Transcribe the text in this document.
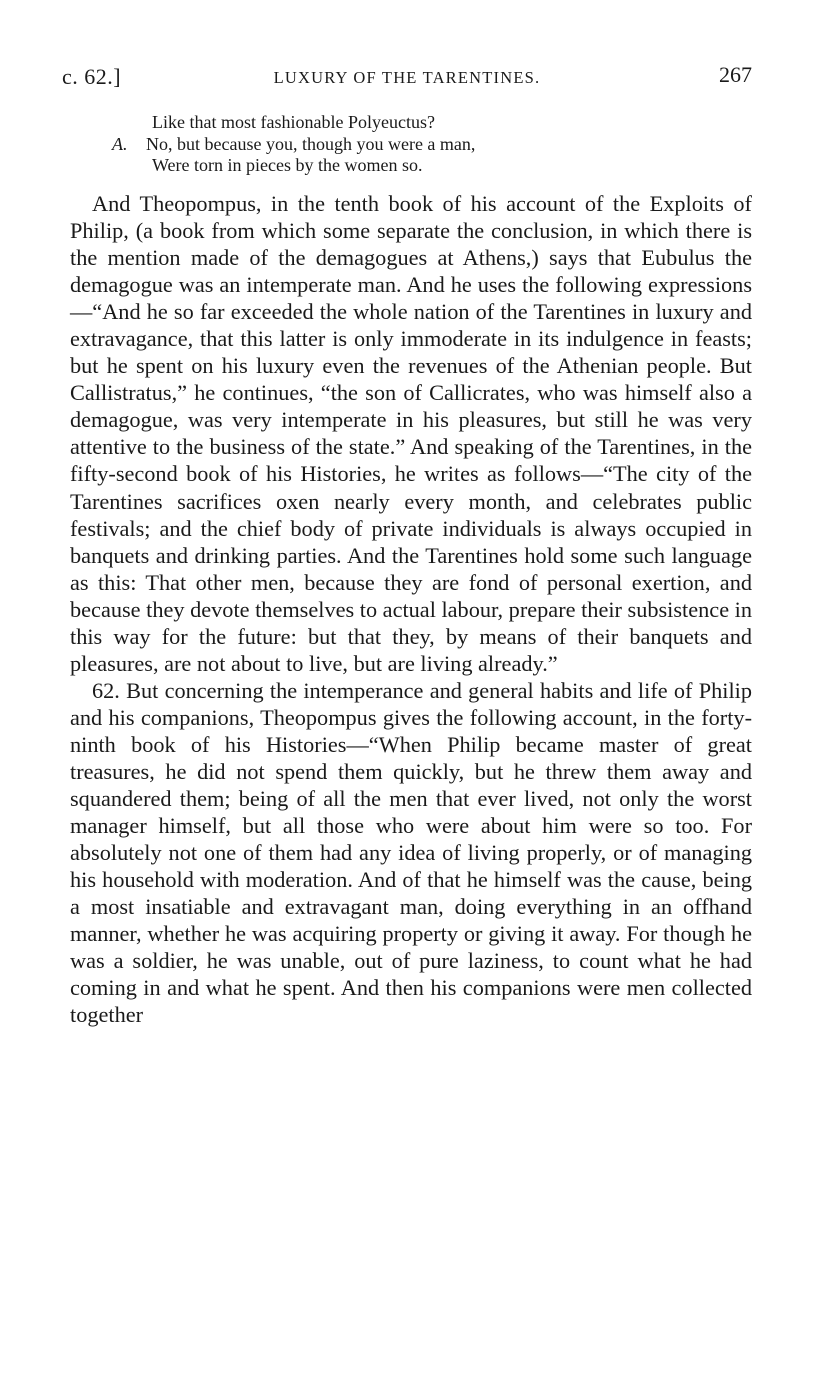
c. 62.]	LUXURY OF THE TARENTINES.	267
Like that most fashionable Polyeuctus?
A. No, but because you, though you were a man,
Were torn in pieces by the women so.

And Theopompus, in the tenth book of his account of the Exploits of Philip, (a book from which some separate the conclusion, in which there is the mention made of the demagogues at Athens,) says that Eubulus the demagogue was an intemperate man. And he uses the following expressions—“And he so far exceeded the whole nation of the Tarentines in luxury and extravagance, that this latter is only immoderate in its indulgence in feasts; but he spent on his luxury even the revenues of the Athenian people. But Callistratus,” he continues, “the son of Callicrates, who was himself also a demagogue, was very intemperate in his pleasures, but still he was very attentive to the business of the state.” And speaking of the Tarentines, in the fifty-second book of his Histories, he writes as follows—“The city of the Tarentines sacrifices oxen nearly every month, and celebrates public festivals; and the chief body of private individuals is always occupied in banquets and drinking parties. And the Tarentines hold some such language as this: That other men, because they are fond of personal exertion, and because they devote themselves to actual labour, prepare their subsistence in this way for the future: but that they, by means of their banquets and pleasures, are not about to live, but are living already.”

62. But concerning the intemperance and general habits and life of Philip and his companions, Theopompus gives the following account, in the forty-ninth book of his Histories—“When Philip became master of great treasures, he did not spend them quickly, but he threw them away and squandered them; being of all the men that ever lived, not only the worst manager himself, but all those who were about him were so too. For absolutely not one of them had any idea of living properly, or of managing his household with moderation. And of that he himself was the cause, being a most insatiable and extravagant man, doing everything in an offhand manner, whether he was acquiring property or giving it away. For though he was a soldier, he was unable, out of pure laziness, to count what he had coming in and what he spent. And then his companions were men collected together
